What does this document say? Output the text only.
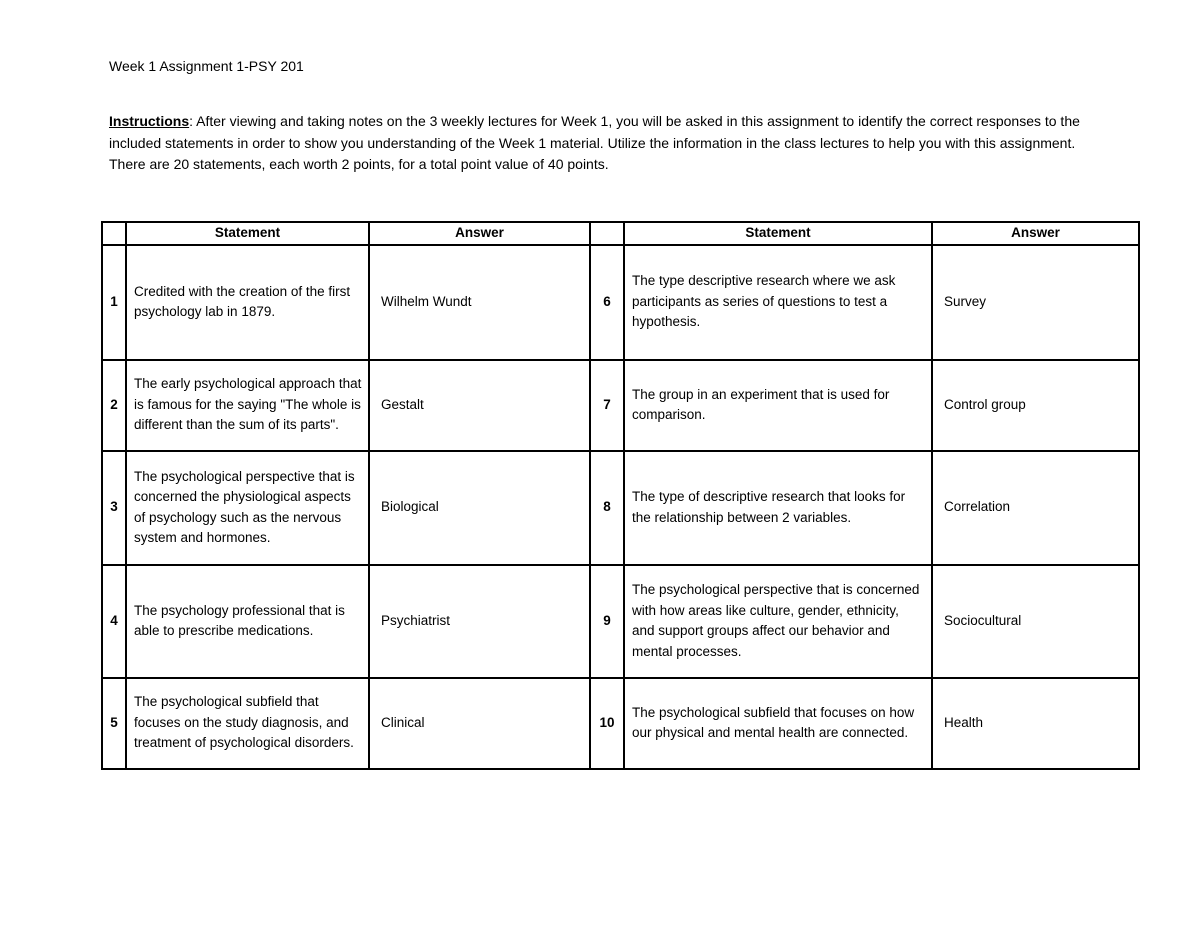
Week 1 Assignment 1-PSY 201
Instructions: After viewing and taking notes on the 3 weekly lectures for Week 1, you will be asked in this assignment to identify the correct responses to the included statements in order to show you understanding of the Week 1 material. Utilize the information in the class lectures to help you with this assignment. There are 20 statements, each worth 2 points, for a total point value of 40 points.
	Statement	Answer		Statement	Answer
1	Credited with the creation of the first psychology lab in 1879.	Wilhelm Wundt	6	The type descriptive research where we ask participants as series of questions to test a hypothesis.	Survey
2	The early psychological approach that is famous for the saying "The whole is different than the sum of its parts".	Gestalt	7	The group in an experiment that is used for comparison.	Control group
3	The psychological perspective that is concerned the physiological aspects of psychology such as the nervous system and hormones.	Biological	8	The type of descriptive research that looks for the relationship between 2 variables.	Correlation
4	The psychology professional that is able to prescribe medications.	Psychiatrist	9	The psychological perspective that is concerned with how areas like culture, gender, ethnicity, and support groups affect our behavior and mental processes.	Sociocultural
5	The psychological subfield that focuses on the study diagnosis, and treatment of psychological disorders.	Clinical	10	The psychological subfield that focuses on how our physical and mental health are connected.	Health
